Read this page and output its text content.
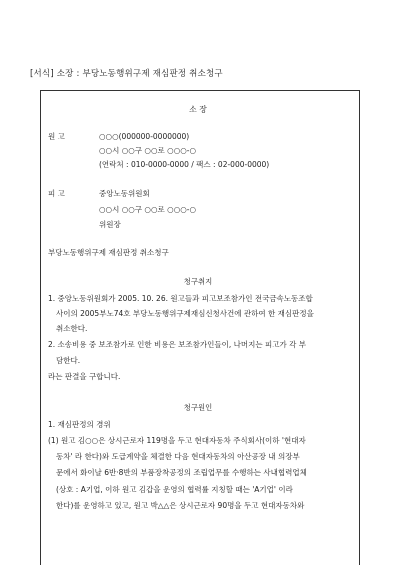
[서식] 소장 : 부당노동행위구제 재심판정 취소청구
소 장
원 고	○○○(000000-0000000)
○○시 ○○구 ○○로 ○○○-○
(연락처 : 010-0000-0000 / 팩스 : 02-000-0000)
피 고	중앙노동위원회
○○시 ○○구 ○○로 ○○○-○
위원장
부당노동행위구제 재심판정 취소청구
청구취지
1. 중앙노동위원회가 2005. 10. 26. 원고들과 피고보조참가인 전국금속노동조합
사이의 2005부노74호 부당노동행위구제재심신청사건에 관하여 한 재심판정을
취소한다.
2. 소송비용 중 보조참가로 인한 비용은 보조참가인들이, 나머지는 피고가 각 부
담한다.
라는 판결을 구합니다.
청구원인
1. 재심판정의 경위
(1) 원고 김○○은 상시근로자 119명을 두고 현대자동차 주식회사(이하 '현대자
동차' 라 한다)와 도급계약을 체결한 다음 현대자동차의 아산공장 내 의장부
문에서 화이날 6반·8반의 부품장착공정의 조립업무를 수행하는 사내협력업체
(상호 : A기업, 이하 원고 김갑을 운영의 협력률 지칭할 때는 'A기업' 이라
한다)를 운영하고 있고, 원고 박△△은 상시근로자 90명을 두고 현대자동차와
